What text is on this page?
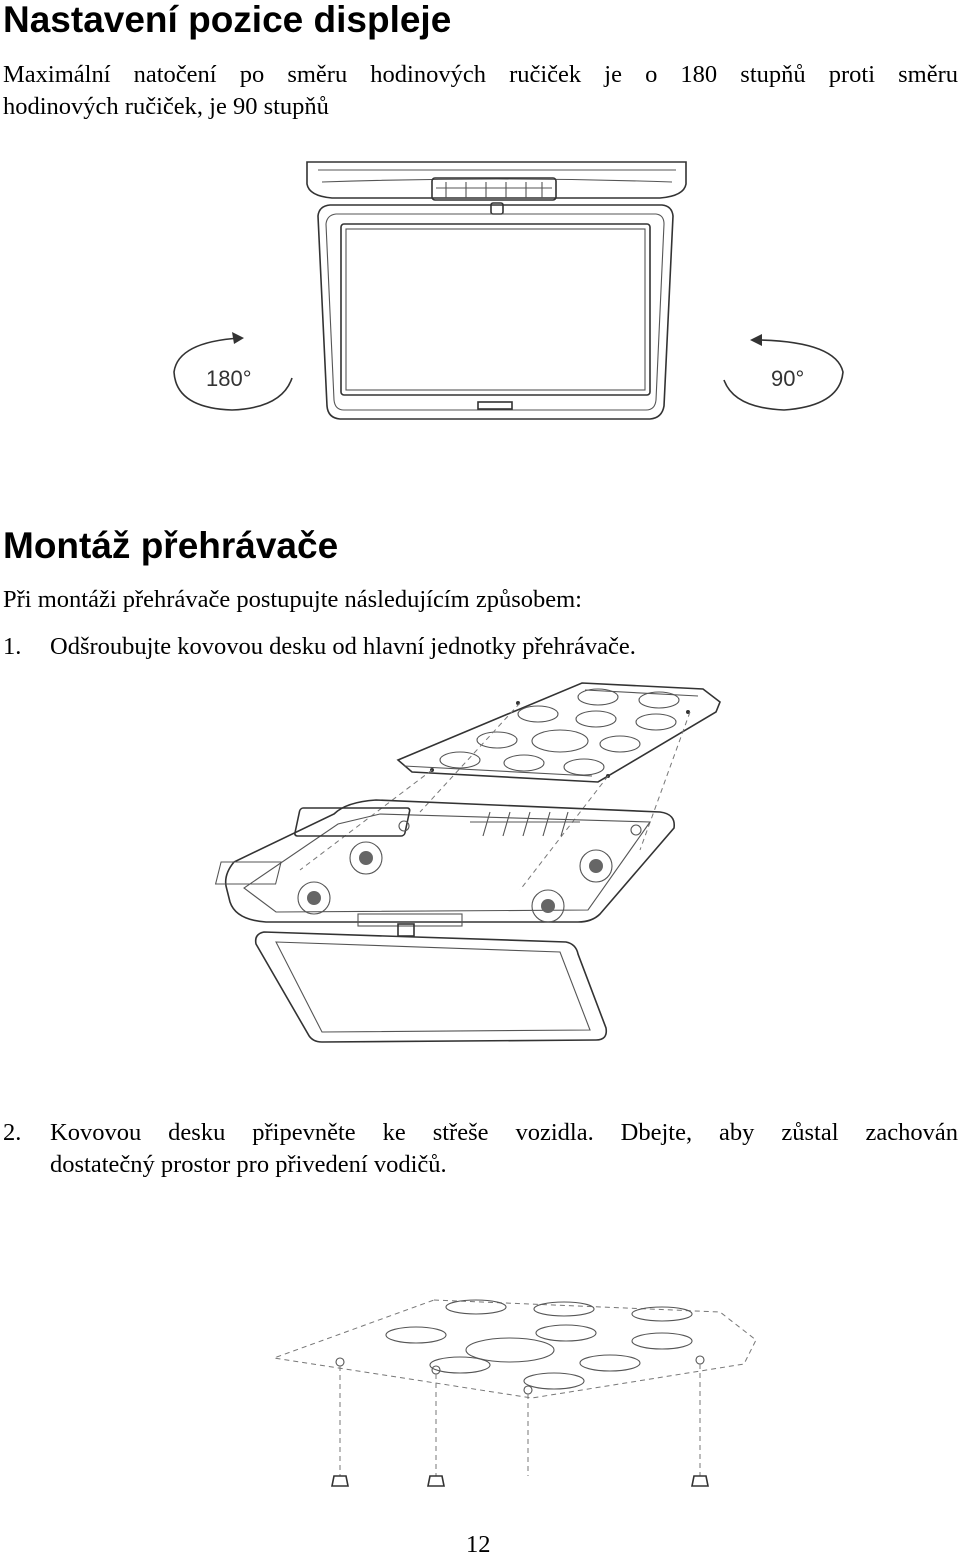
Nastavení pozice displeje
Maximální natočení po směru hodinových ručiček je o 180 stupňů proti směru
hodinových ručiček, je 90 stupňů
180°	90°
Montáž přehrávače
Při montáži přehrávače postupujte následujícím způsobem:
1. Odšroubujte kovovou desku od hlavní jednotky přehrávače.
2.	Kovovou desku připevněte ke střeše vozidla. Dbejte, aby zůstal zachován
dostatečný prostor pro přivedení vodičů.
12
